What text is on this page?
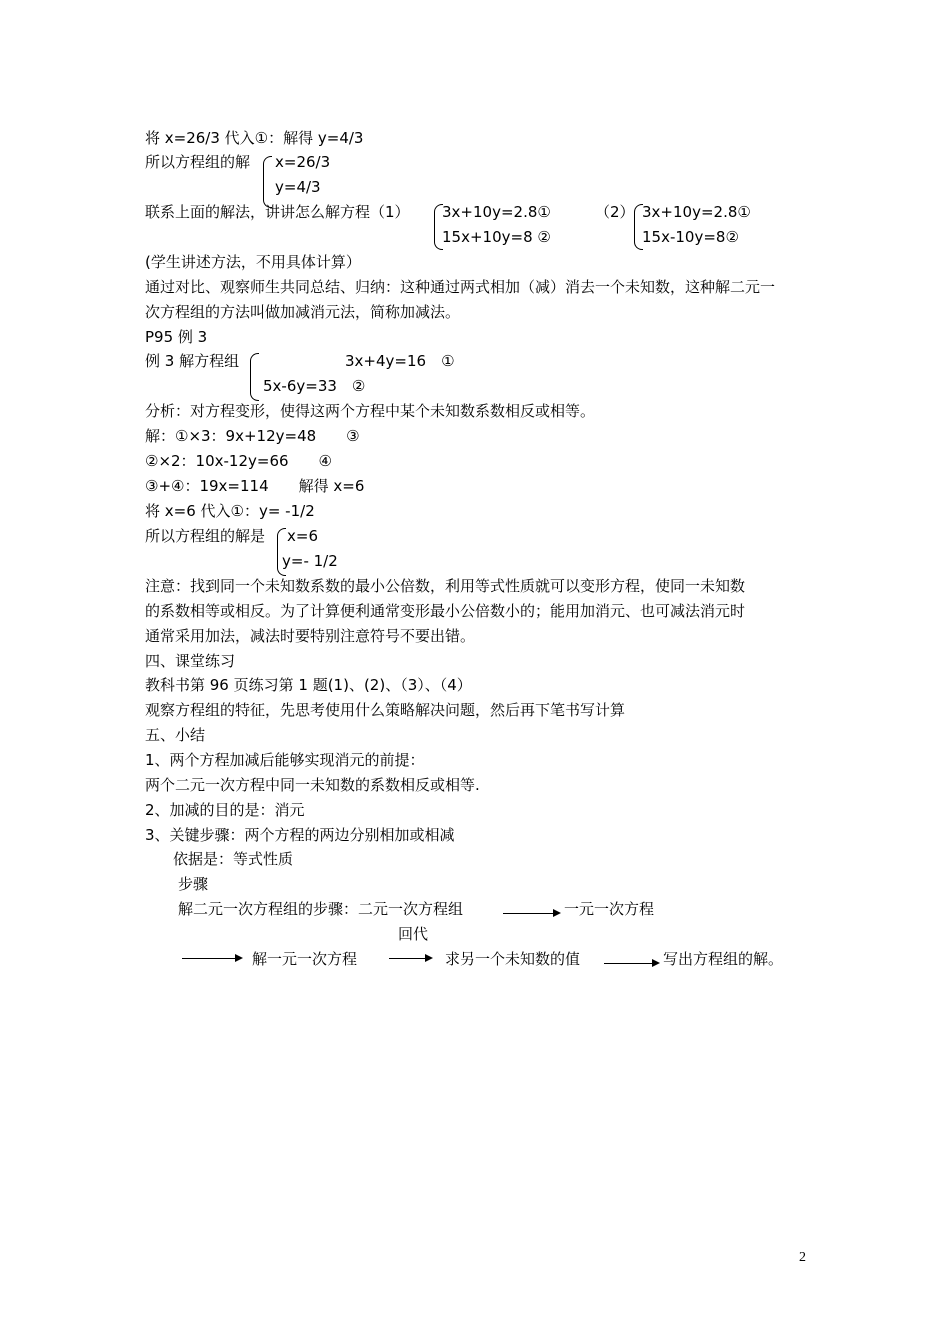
将 x=26/3 代入①：解得 y=4/3
所以方程组的解 x=26/3
y=4/3
联系上面的解法，讲讲怎么解方程（1） 3x+10y=2.8①
15x+10y=8 ②
（2） 3x+10y=2.8①
15x-10y=8②
(学生讲述方法，不用具体计算）
通过对比、观察师生共同总结、归纳：这种通过两式相加（减）消去一个未知数，这种解二元一
次方程组的方法叫做加减消元法，简称加减法。
P95 例 3
例 3 解方程组	3x+4y=16　①
5x-6y=33　②
分析：对方程变形，使得这两个方程中某个未知数系数相反或相等。
解：①×3：9x+12y=48　　③
②×2：10x-12y=66　　④
③+④：19x=114　　解得 x=6
将 x=6 代入①：y= -1/2
所以方程组的解是 x=6
y=- 1/2
注意：找到同一个未知数系数的最小公倍数，利用等式性质就可以变形方程，使同一未知数
的系数相等或相反。为了计算便利通常变形最小公倍数小的；能用加消元、也可减法消元时
通常采用加法，减法时要特别注意符号不要出错。
四、课堂练习
教科书第 96 页练习第 1 题(1)、(2)、（3）、（4）
观察方程组的特征，先思考使用什么策略解决问题，然后再下笔书写计算
五、小结
1、两个方程加减后能够实现消元的前提：
两个二元一次方程中同一未知数的系数相反或相等.
2、加减的目的是：消元
3、关键步骤：两个方程的两边分别相加或相减
依据是：等式性质
步骤
解二元一次方程组的步骤：二元一次方程组	一元一次方程
回代
解一元一次方程	求另一个未知数的值	写出方程组的解。
2
